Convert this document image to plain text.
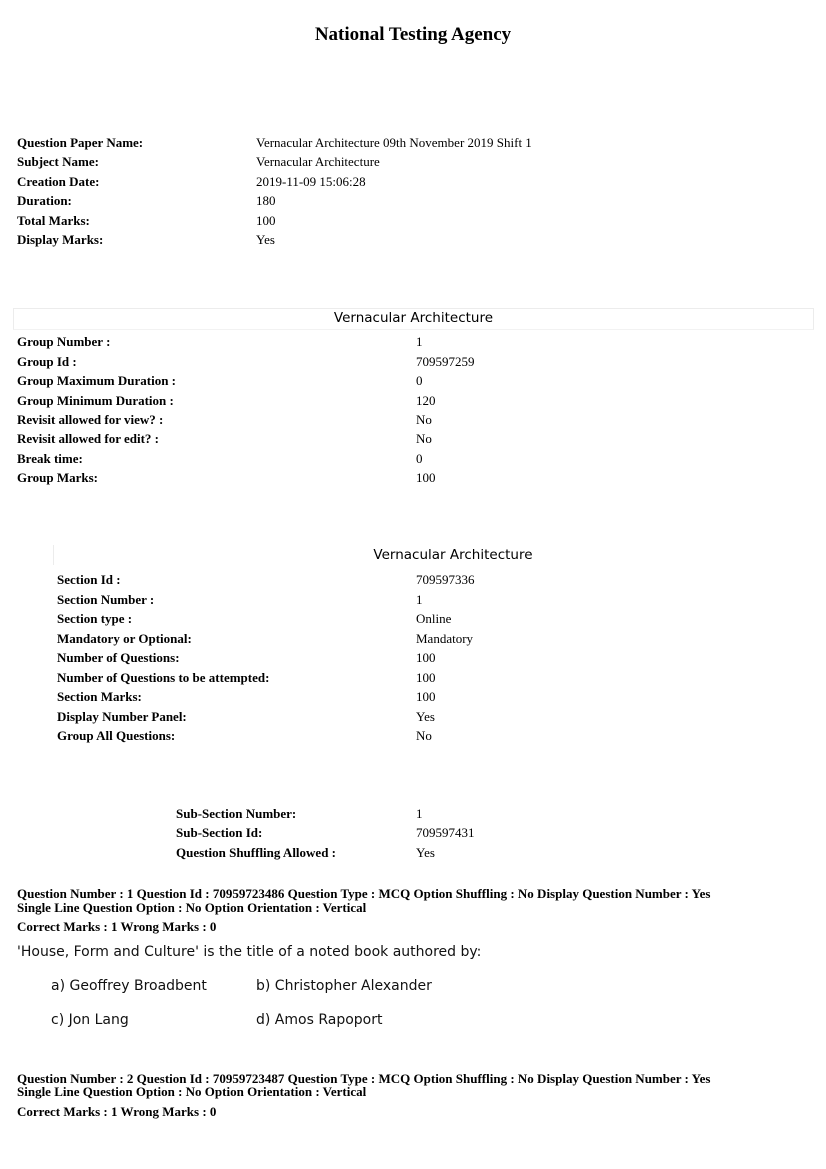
National Testing Agency
Question Paper Name:	Vernacular Architecture 09th November 2019 Shift 1
Subject Name:	Vernacular Architecture
Creation Date:	2019-11-09 15:06:28
Duration:	180
Total Marks:	100
Display Marks:	Yes
Vernacular Architecture
Group Number :	1
Group Id :	709597259
Group Maximum Duration :	0
Group Minimum Duration :	120
Revisit allowed for view? :	No
Revisit allowed for edit? :	No
Break time:	0
Group Marks:	100
Vernacular Architecture
Section Id :	709597336
Section Number :	1
Section type :	Online
Mandatory or Optional:	Mandatory
Number of Questions:	100
Number of Questions to be attempted:	100
Section Marks:	100
Display Number Panel:	Yes
Group All Questions:	No
Sub-Section Number:	1
Sub-Section Id:	709597431
Question Shuffling Allowed :	Yes
Question Number : 1 Question Id : 70959723486 Question Type : MCQ Option Shuffling : No Display Question Number : Yes
Single Line Question Option : No Option Orientation : Vertical
Correct Marks : 1 Wrong Marks : 0
'House, Form and Culture' is the title of a noted book authored by:
a) Geoffrey Broadbent	b) Christopher Alexander
c) Jon Lang	d) Amos Rapoport
Question Number : 2 Question Id : 70959723487 Question Type : MCQ Option Shuffling : No Display Question Number : Yes
Single Line Question Option : No Option Orientation : Vertical
Correct Marks : 1 Wrong Marks : 0
